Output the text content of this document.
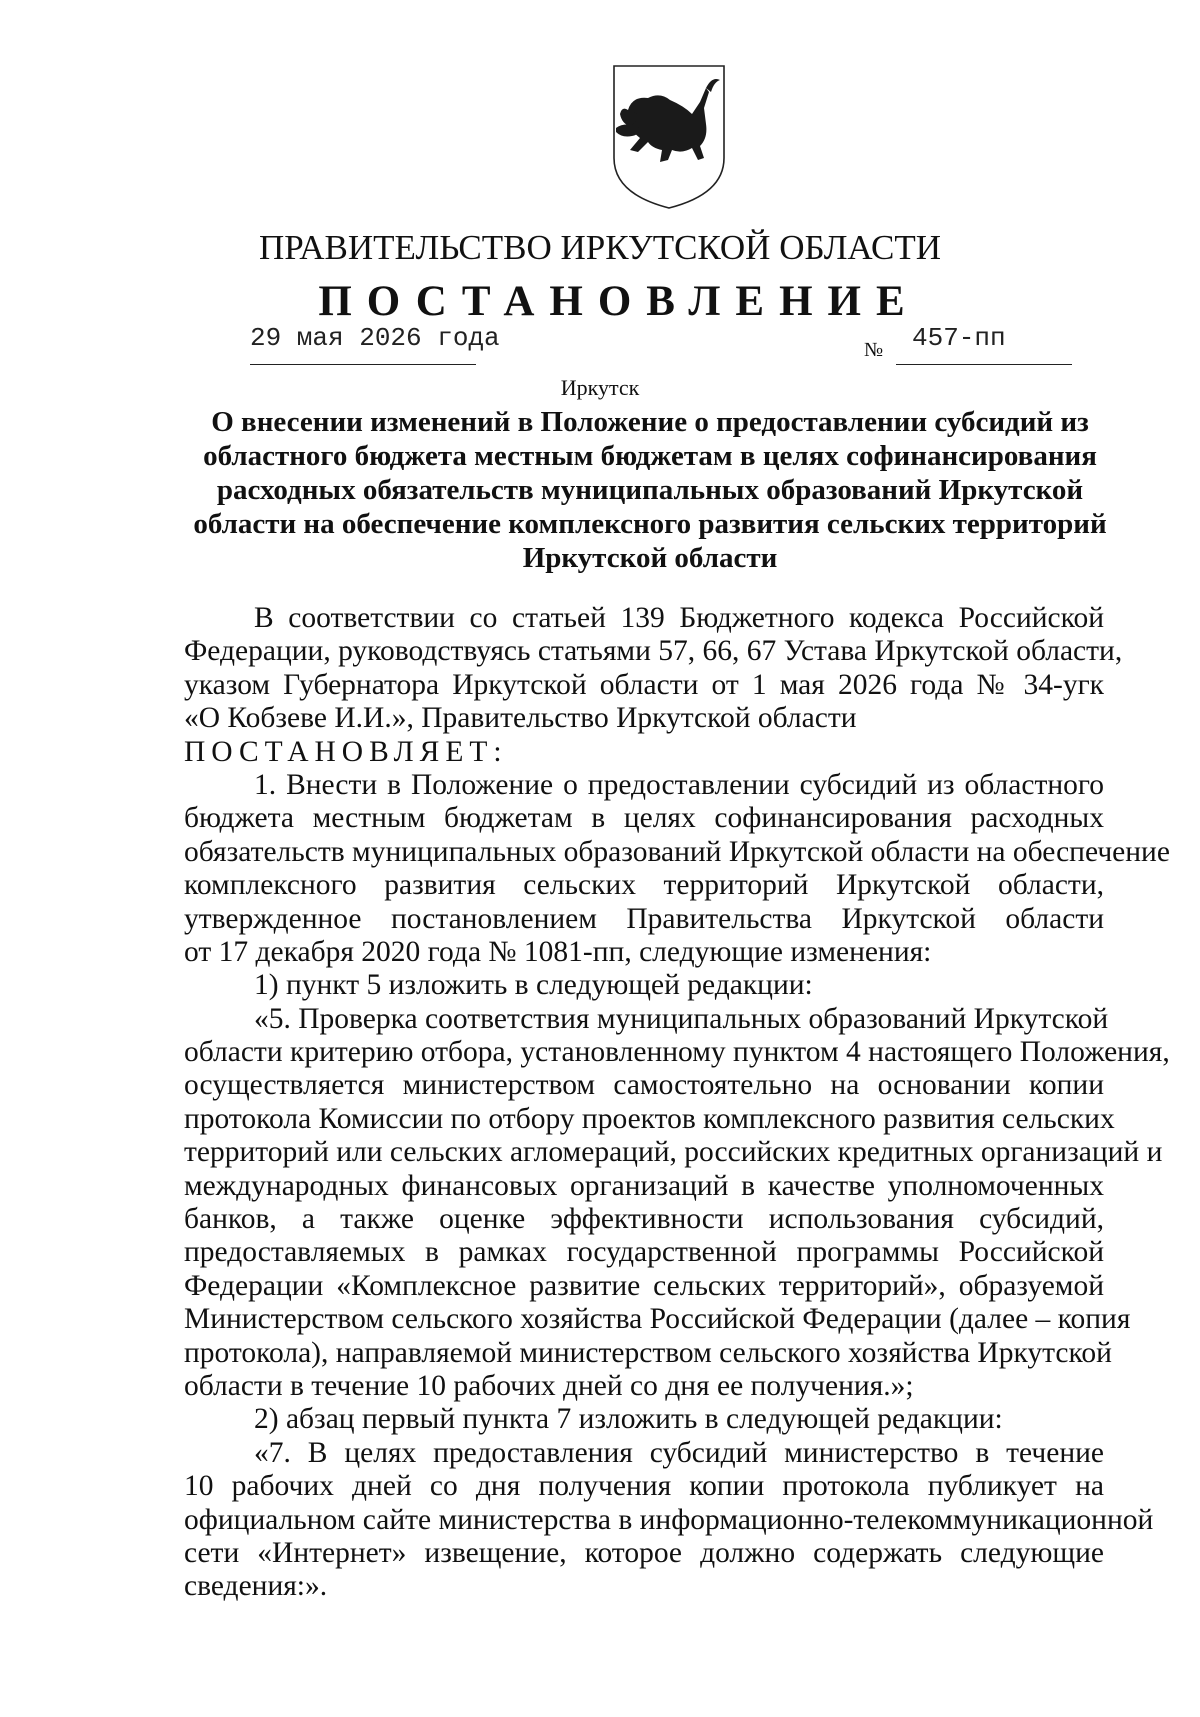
ПРАВИТЕЛЬСТВО ИРКУТСКОЙ ОБЛАСТИ
ПОСТАНОВЛЕНИЕ
29 мая 2026 года	№ 457-пп
Иркутск
О внесении изменений в Положение о предоставлении субсидий из
областного бюджета местным бюджетам в целях софинансирования
расходных обязательств муниципальных образований Иркутской
области на обеспечение комплексного развития сельских территорий
Иркутской области
В соответствии со статьей 139 Бюджетного кодекса Российской
Федерации, руководствуясь статьями 57, 66, 67 Устава Иркутской области,
указом Губернатора Иркутской области от 1 мая 2026 года № 34-угк
«О Кобзеве И.И.», Правительство Иркутской области
ПОСТАНОВЛЯЕТ:
1. Внести в Положение о предоставлении субсидий из областного
бюджета местным бюджетам в целях софинансирования расходных
обязательств муниципальных образований Иркутской области на обеспечение
комплексного развития сельских территорий Иркутской области,
утвержденное постановлением Правительства Иркутской области
от 17 декабря 2020 года № 1081-пп, следующие изменения:
1) пункт 5 изложить в следующей редакции:
«5. Проверка соответствия муниципальных образований Иркутской
области критерию отбора, установленному пунктом 4 настоящего Положения,
осуществляется министерством самостоятельно на основании копии
протокола Комиссии по отбору проектов комплексного развития сельских
территорий или сельских агломераций, российских кредитных организаций и
международных финансовых организаций в качестве уполномоченных
банков, а также оценке эффективности использования субсидий,
предоставляемых в рамках государственной программы Российской
Федерации «Комплексное развитие сельских территорий», образуемой
Министерством сельского хозяйства Российской Федерации (далее – копия
протокола), направляемой министерством сельского хозяйства Иркутской
области в течение 10 рабочих дней со дня ее получения.»;
2) абзац первый пункта 7 изложить в следующей редакции:
«7. В целях предоставления субсидий министерство в течение
10 рабочих дней со дня получения копии протокола публикует на
официальном сайте министерства в информационно-телекоммуникационной
сети «Интернет» извещение, которое должно содержать следующие
сведения:».
